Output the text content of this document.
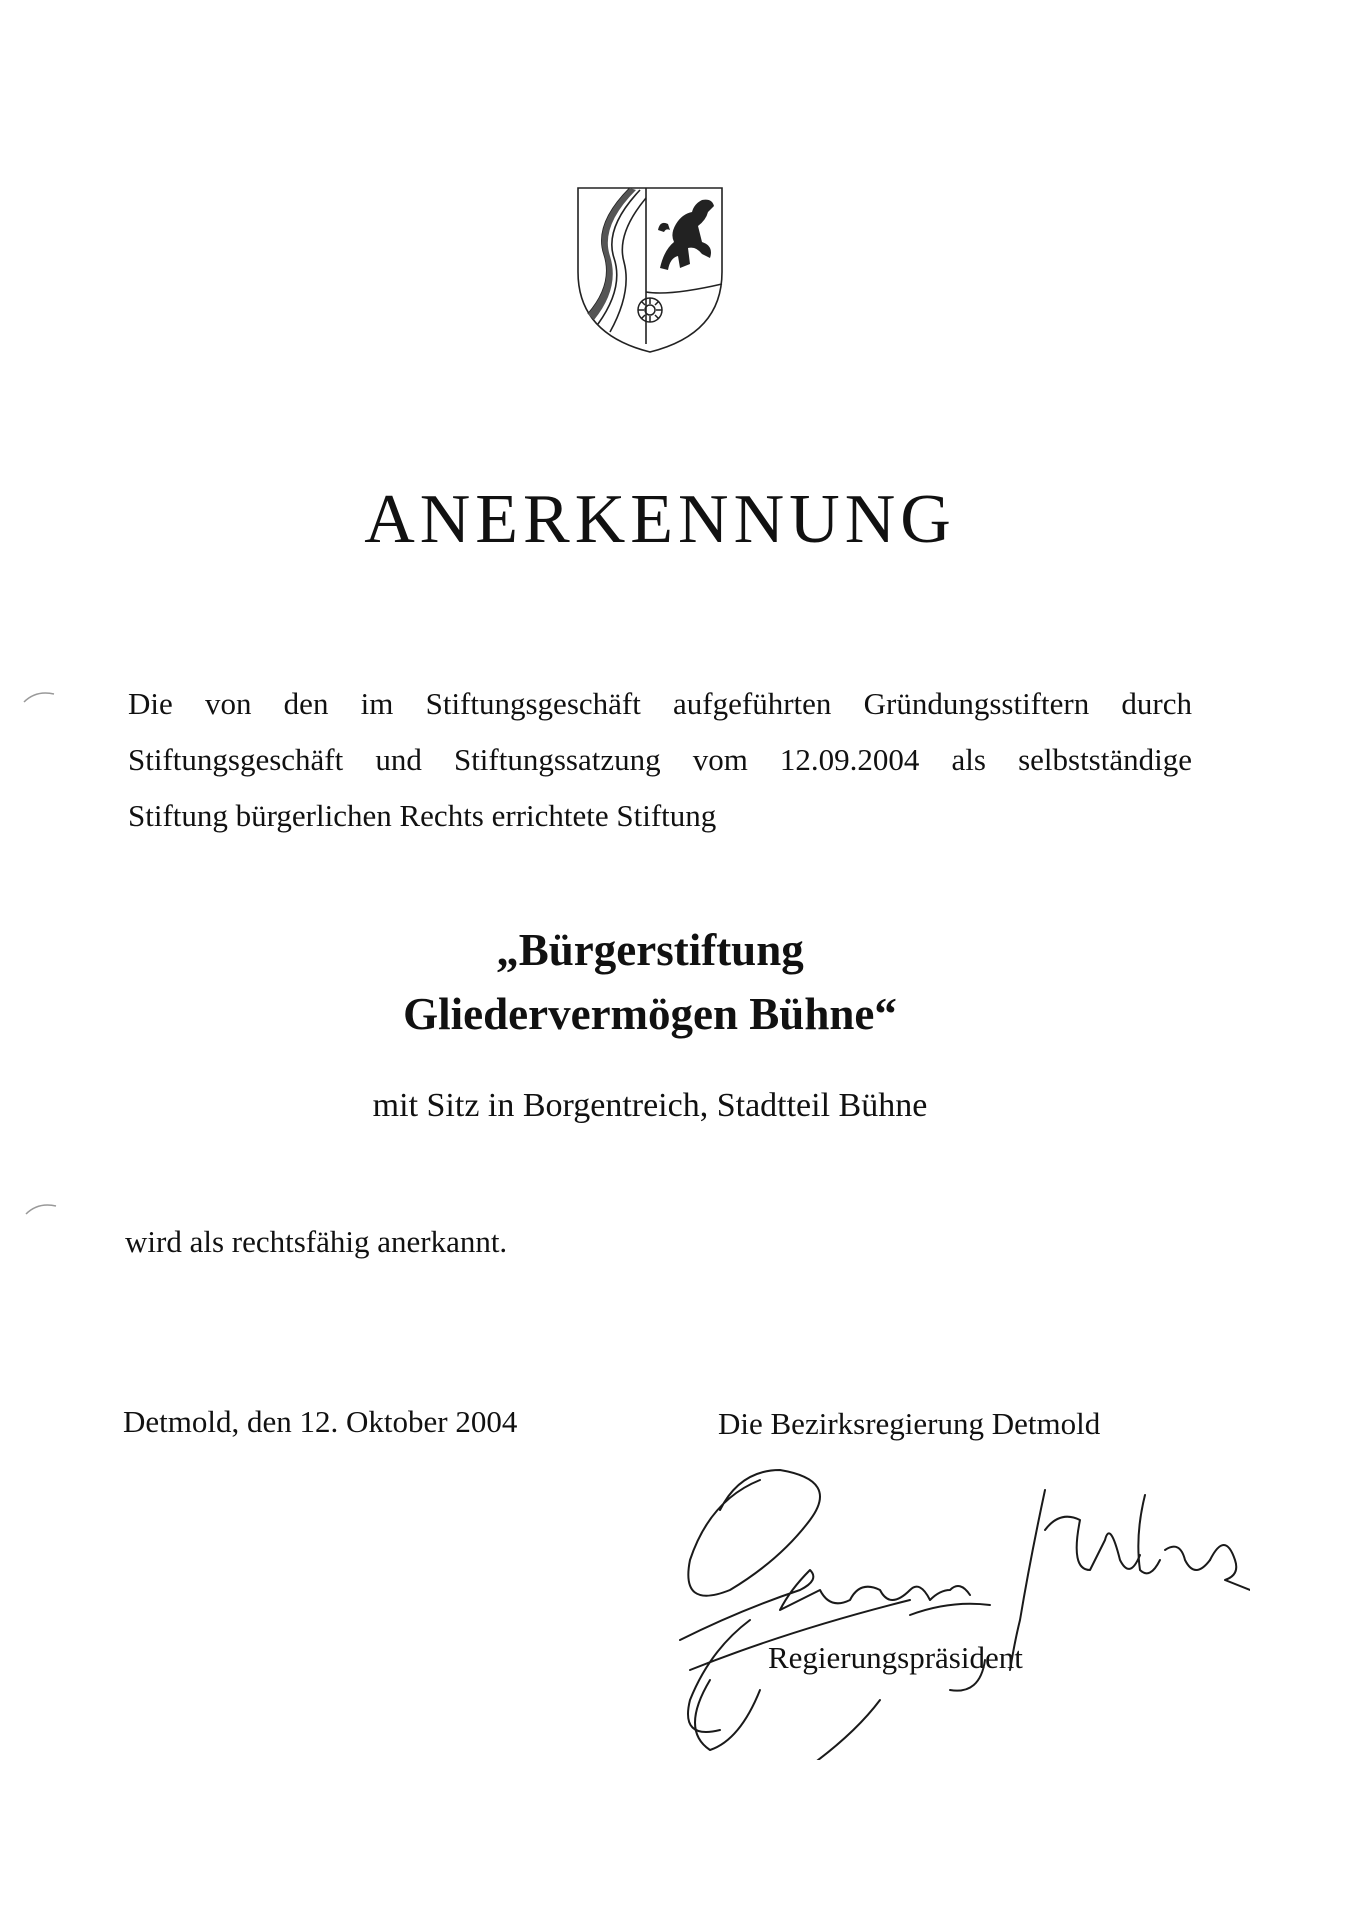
ANERKENNUNG
Die von den im Stiftungsgeschäft aufgeführten Gründungsstiftern durch
Stiftungsgeschäft und Stiftungssatzung vom 12.09.2004 als selbstständige
Stiftung bürgerlichen Rechts errichtete Stiftung
„Bürgerstiftung
Gliedervermögen Bühne“
mit Sitz in Borgentreich, Stadtteil Bühne
wird als rechtsfähig anerkannt.
Detmold, den 12. Oktober 2004	Die Bezirksregierung Detmold
Regierungspräsident
